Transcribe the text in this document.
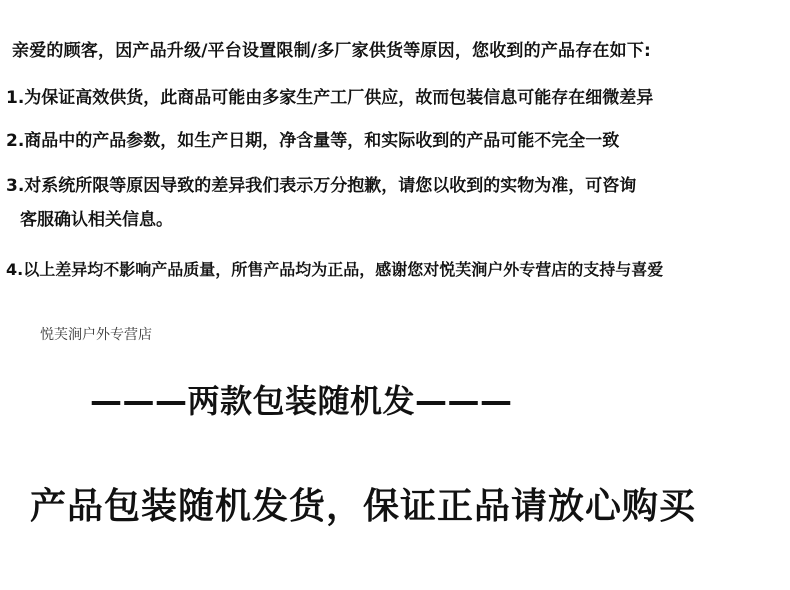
亲爱的顾客，因产品升级/平台设置限制/多厂家供货等原因，您收到的产品存在如下:
1.为保证高效供货，此商品可能由多家生产工厂供应，故而包装信息可能存在细微差异
2.商品中的产品参数，如生产日期，净含量等，和实际收到的产品可能不完全一致
3.对系统所限等原因导致的差异我们表示万分抱歉，请您以收到的实物为准，可咨询
客服确认相关信息。
4.以上差异均不影响产品质量，所售产品均为正品，感谢您对悦芙涧户外专营店的支持与喜爱
悦芙涧户外专营店
———两款包装随机发———
产品包装随机发货，保证正品请放心购买
